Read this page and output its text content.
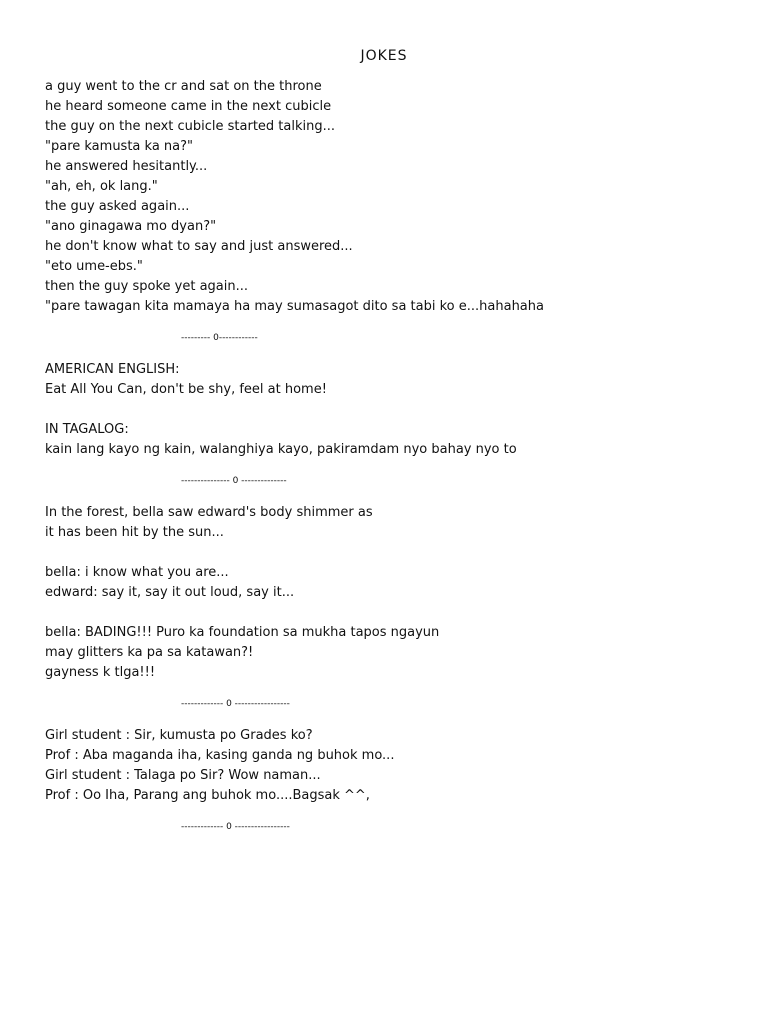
JOKES
a guy went to the cr and sat on the throne
he heard someone came in the next cubicle
the guy on the next cubicle started talking...
"pare kamusta ka na?"
he answered hesitantly...
"ah, eh, ok lang."
the guy asked again...
"ano ginagawa mo dyan?"
he don't know what to say and just answered...
"eto ume-ebs."
then the guy spoke yet again...
"pare tawagan kita mamaya ha may sumasagot dito sa tabi ko e...hahahaha
--------- 0------------
AMERICAN ENGLISH:
Eat All You Can, don't be shy, feel at home!
IN TAGALOG:
kain lang kayo ng kain, walanghiya kayo, pakiramdam nyo bahay nyo to
--------------- 0 --------------
In the forest, bella saw edward's body shimmer as
it has been hit by the sun...
bella: i know what you are...
edward: say it, say it out loud, say it...
bella: BADING!!! Puro ka foundation sa mukha tapos ngayun
may glitters ka pa sa katawan?!
gayness k tlga!!!
------------- 0 -----------------
Girl student : Sir, kumusta po Grades ko?
Prof : Aba maganda iha, kasing ganda ng buhok mo...
Girl student : Talaga po Sir? Wow naman...
Prof : Oo Iha, Parang ang buhok mo....Bagsak ^^,
------------- 0 -----------------
